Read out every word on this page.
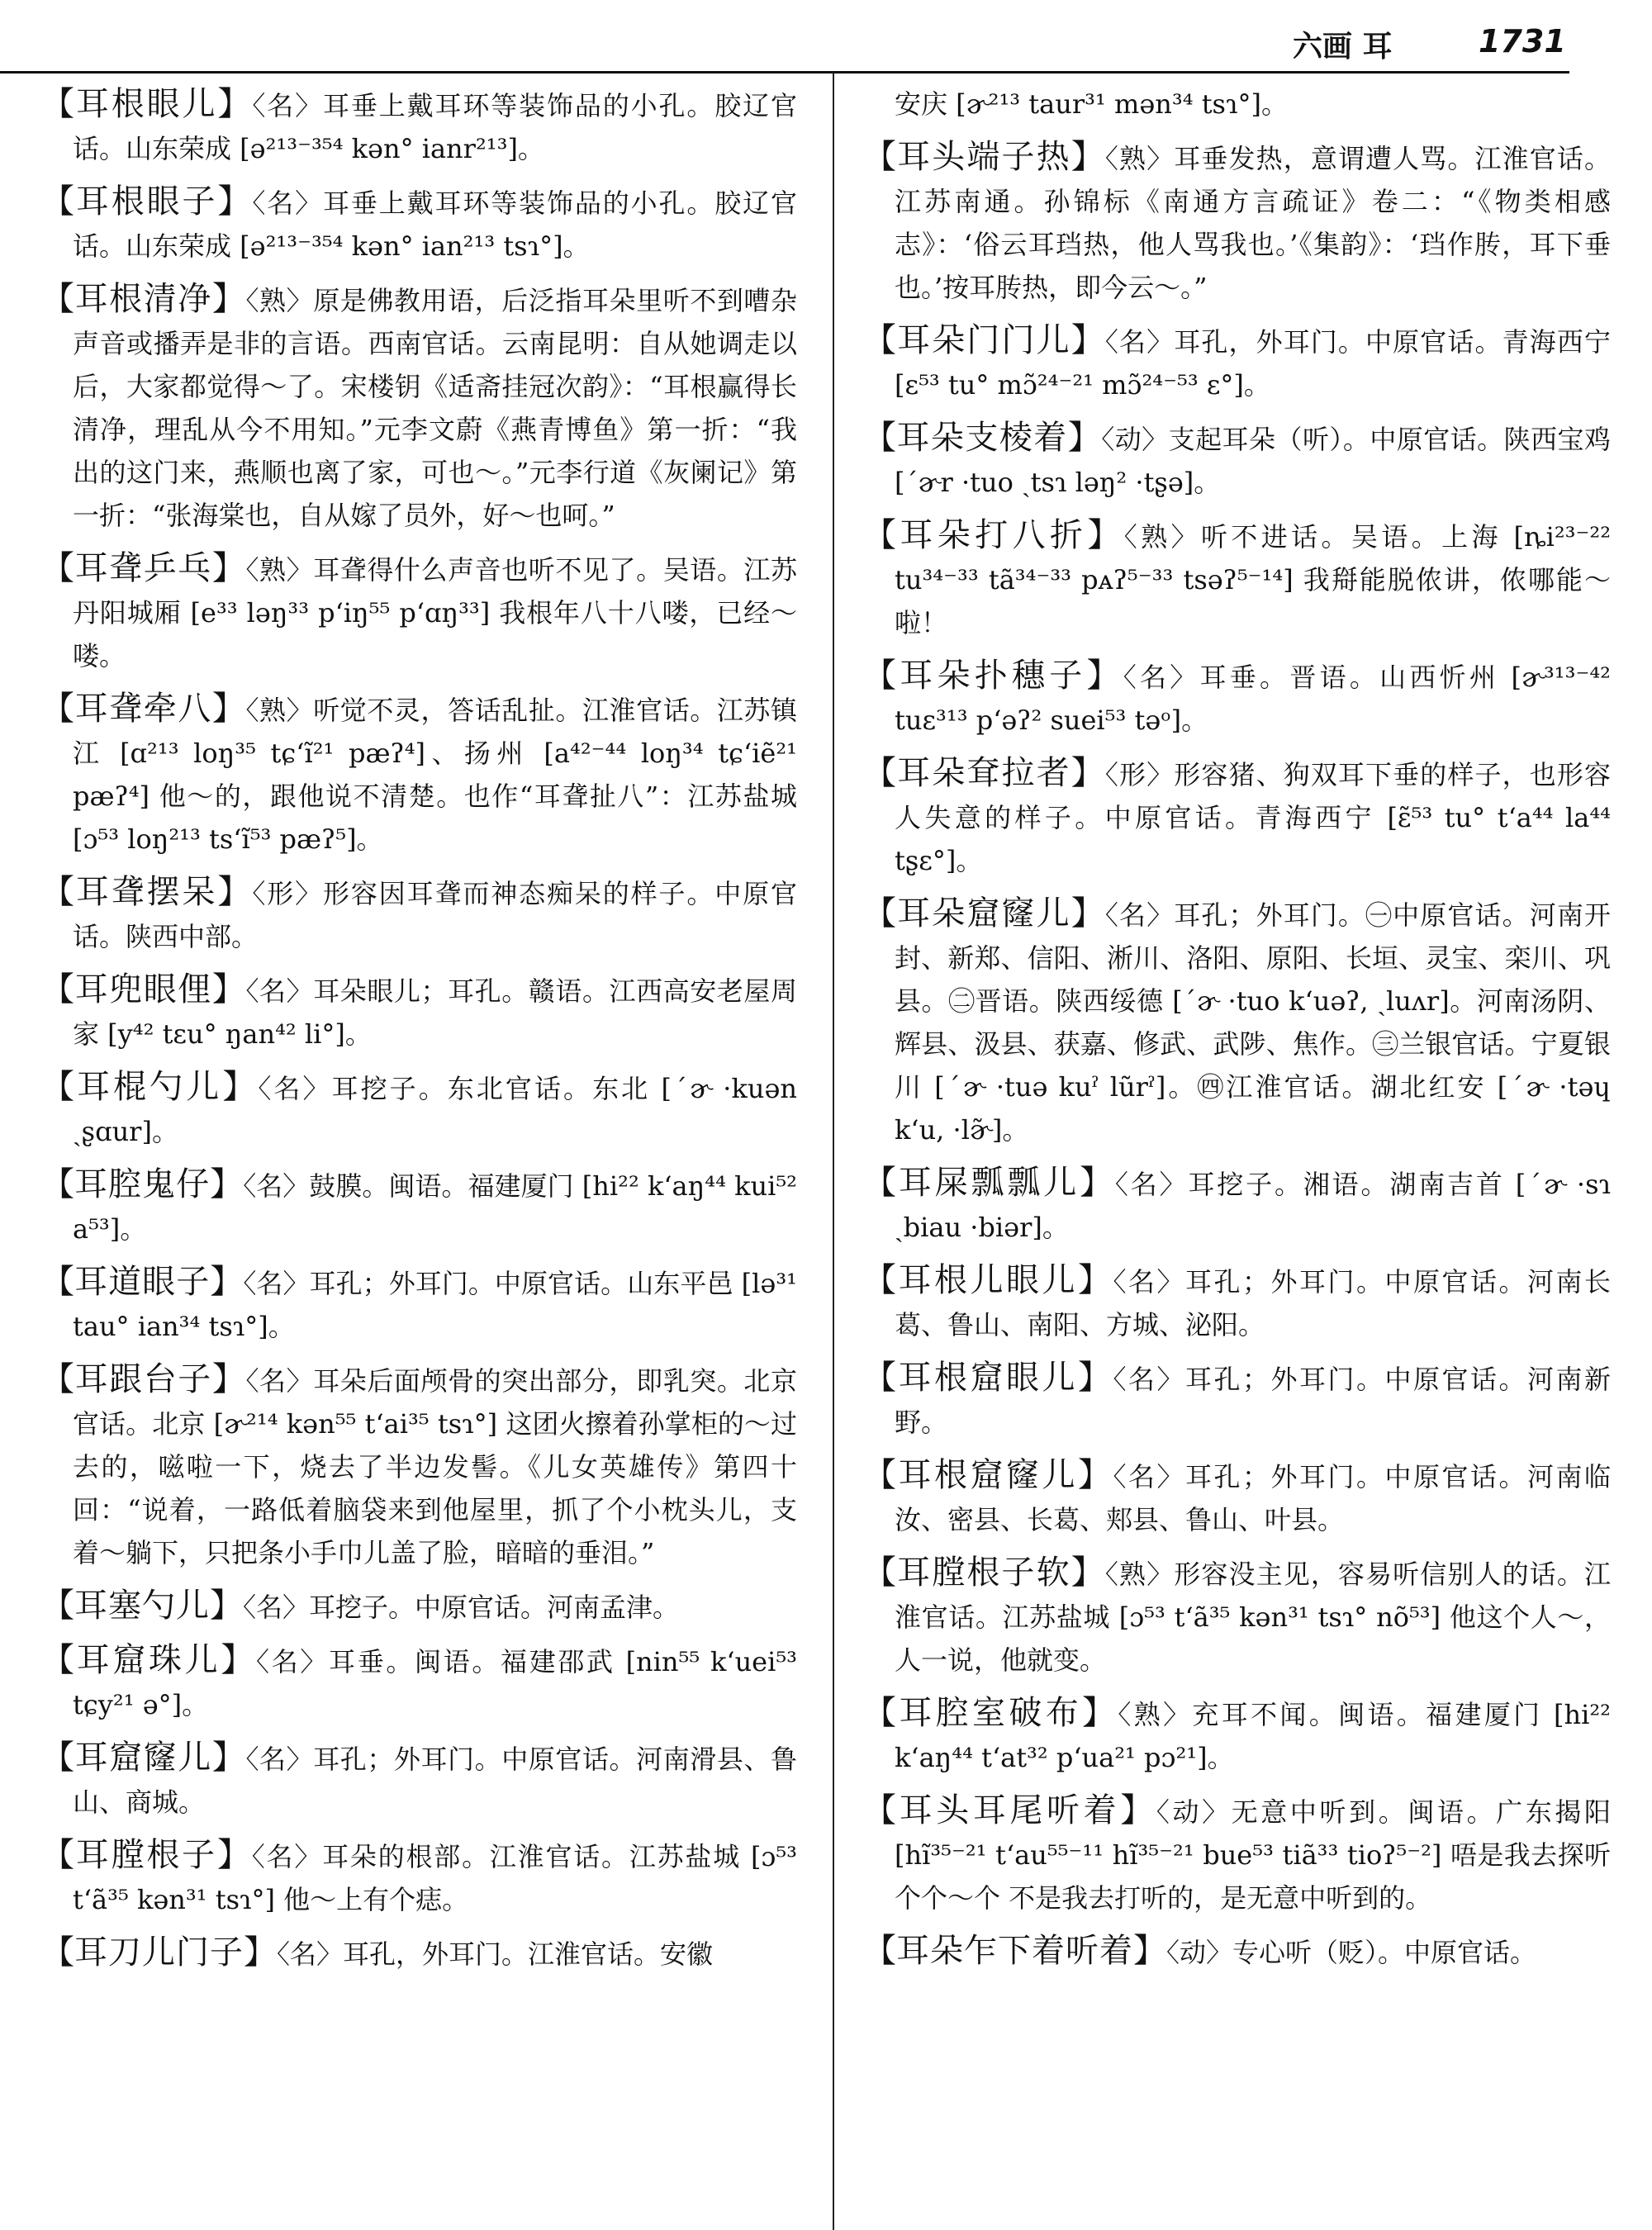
六画 耳	1731

【耳根眼儿】〈名〉耳垂上戴耳环等装饰品的小孔。胶辽官话。山东荣成 [ə²¹³⁻³⁵⁴ kən° ianr²¹³]。

【耳根眼子】〈名〉耳垂上戴耳环等装饰品的小孔。胶辽官话。山东荣成 [ə²¹³⁻³⁵⁴ kən° ian²¹³ tsɿ°]。

【耳根清净】〈熟〉原是佛教用语，后泛指耳朵里听不到嘈杂声音或播弄是非的言语。西南官话。云南昆明：自从她调走以后，大家都觉得～了。宋楼钥《适斋挂冠次韵》：“耳根赢得长清净，理乱从今不用知。”元李文蔚《燕青博鱼》第一折：“我出的这门来，燕顺也离了家，可也～。”元李行道《灰阑记》第一折：“张海棠也，自从嫁了员外，好～也呵。”

【耳聋乒乓】〈熟〉耳聋得什么声音也听不见了。吴语。江苏丹阳城厢 [e³³ ləŋ³³ p‘iŋ⁵⁵ p‘ɑŋ³³] 我根年八十八喽，已经～喽。

【耳聋牵八】〈熟〉听觉不灵，答话乱扯。江淮官话。江苏镇江 [ɑ²¹³ loŋ³⁵ tɕ‘ĩ²¹ pæʔ⁴]、扬州 [a⁴²⁻⁴⁴ loŋ³⁴ tɕ‘iẽ²¹ pæʔ⁴] 他～的，跟他说不清楚。也作“耳聋扯八”：江苏盐城 [ɔ⁵³ loŋ²¹³ ts‘ĩ⁵³ pæʔ⁵]。

【耳聋摆呆】〈形〉形容因耳聋而神态痴呆的样子。中原官话。陕西中部。

【耳兜眼俚】〈名〉耳朵眼儿；耳孔。赣语。江西高安老屋周家 [y⁴² tɛu° ŋan⁴² li°]。

【耳棍勺儿】〈名〉耳挖子。东北官话。东北 [ˊɚ ·kuən ˎʂɑur]。

【耳腔鬼仔】〈名〉鼓膜。闽语。福建厦门 [hi²² k‘aŋ⁴⁴ kui⁵² a⁵³]。

【耳道眼子】〈名〉耳孔；外耳门。中原官话。山东平邑 [lə³¹ tau° ian³⁴ tsɿ°]。

【耳跟台子】〈名〉耳朵后面颅骨的突出部分，即乳突。北京官话。北京 [ɚ²¹⁴ kən⁵⁵ t‘ai³⁵ tsɿ°] 这团火擦着孙掌柜的～过去的，嗞啦一下，烧去了半边发髻。《儿女英雄传》第四十回：“说着，一路低着脑袋来到他屋里，抓了个小枕头儿，支着～躺下，只把条小手巾儿盖了脸，暗暗的垂泪。”

【耳塞勺儿】〈名〉耳挖子。中原官话。河南孟津。

【耳窟珠儿】〈名〉耳垂。闽语。福建邵武 [nin⁵⁵ k‘uei⁵³ tɕy²¹ ə°]。

【耳窟窿儿】〈名〉耳孔；外耳门。中原官话。河南滑县、鲁山、商城。

【耳膛根子】〈名〉耳朵的根部。江淮官话。江苏盐城 [ɔ⁵³ t‘ã³⁵ kən³¹ tsɿ°] 他～上有个痣。

【耳刀儿门子】〈名〉耳孔，外耳门。江淮官话。安徽

安庆 [ɚ²¹³ taur³¹ mən³⁴ tsɿ°]。

【耳头端子热】〈熟〉耳垂发热，意谓遭人骂。江淮官话。江苏南通。孙锦标《南通方言疏证》卷二：“《物类相感志》：‘俗云耳珰热，他人骂我也。’《集韵》：‘珰作䏝，耳下垂也。’按耳䏝热，即今云～。”

【耳朵门门儿】〈名〉耳孔，外耳门。中原官话。青海西宁 [ɛ⁵³ tu° mɔ̃²⁴⁻²¹ mɔ̃²⁴⁻⁵³ ɛ°]。

【耳朵支棱着】〈动〉支起耳朵（听）。中原官话。陕西宝鸡 [ˊɚr ·tuo ˏtsɿ ləŋ² ·tʂə]。

【耳朵打八折】〈熟〉听不进话。吴语。上海 [ȵi²³⁻²² tu³⁴⁻³³ tã³⁴⁻³³ pᴀʔ⁵⁻³³ tsəʔ⁵⁻¹⁴] 我搿能脱侬讲，侬哪能～啦！

【耳朵扑穗子】〈名〉耳垂。晋语。山西忻州 [ɚ³¹³⁻⁴² tuɛ³¹³ p‘əʔ² suei⁵³ təᵒ]。

【耳朵耷拉者】〈形〉形容猪、狗双耳下垂的样子，也形容人失意的样子。中原官话。青海西宁 [ɛ̃⁵³ tu° t‘a⁴⁴ la⁴⁴ tʂɛ°]。

【耳朵窟窿儿】〈名〉耳孔；外耳门。㊀中原官话。河南开封、新郑、信阳、淅川、洛阳、原阳、长垣、灵宝、栾川、巩县。㊁晋语。陕西绥德 [ˊɚ ·tuo k‘uəʔ, ˏluʌr]。河南汤阴、辉县、汲县、获嘉、修武、武陟、焦作。㊂兰银官话。宁夏银川 [ˊɚ ·tuə kuˀ lũrˀ]。㊃江淮官话。湖北红安 [ˊɚ ·təɥ k‘u, ·lɚ̃]。

【耳屎瓢瓢儿】〈名〉耳挖子。湘语。湖南吉首 [ˊɚ ·sɿ ˏbiau ·biər]。

【耳根儿眼儿】〈名〉耳孔；外耳门。中原官话。河南长葛、鲁山、南阳、方城、泌阳。

【耳根窟眼儿】〈名〉耳孔；外耳门。中原官话。河南新野。

【耳根窟窿儿】〈名〉耳孔；外耳门。中原官话。河南临汝、密县、长葛、郏县、鲁山、叶县。

【耳膛根子软】〈熟〉形容没主见，容易听信别人的话。江淮官话。江苏盐城 [ɔ⁵³ t‘ã³⁵ kən³¹ tsɿ° nõ⁵³] 他这个人～，人一说，他就变。

【耳腔室破布】〈熟〉充耳不闻。闽语。福建厦门 [hi²² k‘aŋ⁴⁴ t‘at³² p‘ua²¹ pɔ²¹]。

【耳头耳尾听着】〈动〉无意中听到。闽语。广东揭阳 [hĩ³⁵⁻²¹ t‘au⁵⁵⁻¹¹ hĩ³⁵⁻²¹ bue⁵³ tiã³³ tioʔ⁵⁻²] 唔是我去探听个个～个 不是我去打听的，是无意中听到的。

【耳朵乍下着听着】〈动〉专心听（贬）。中原官话。
